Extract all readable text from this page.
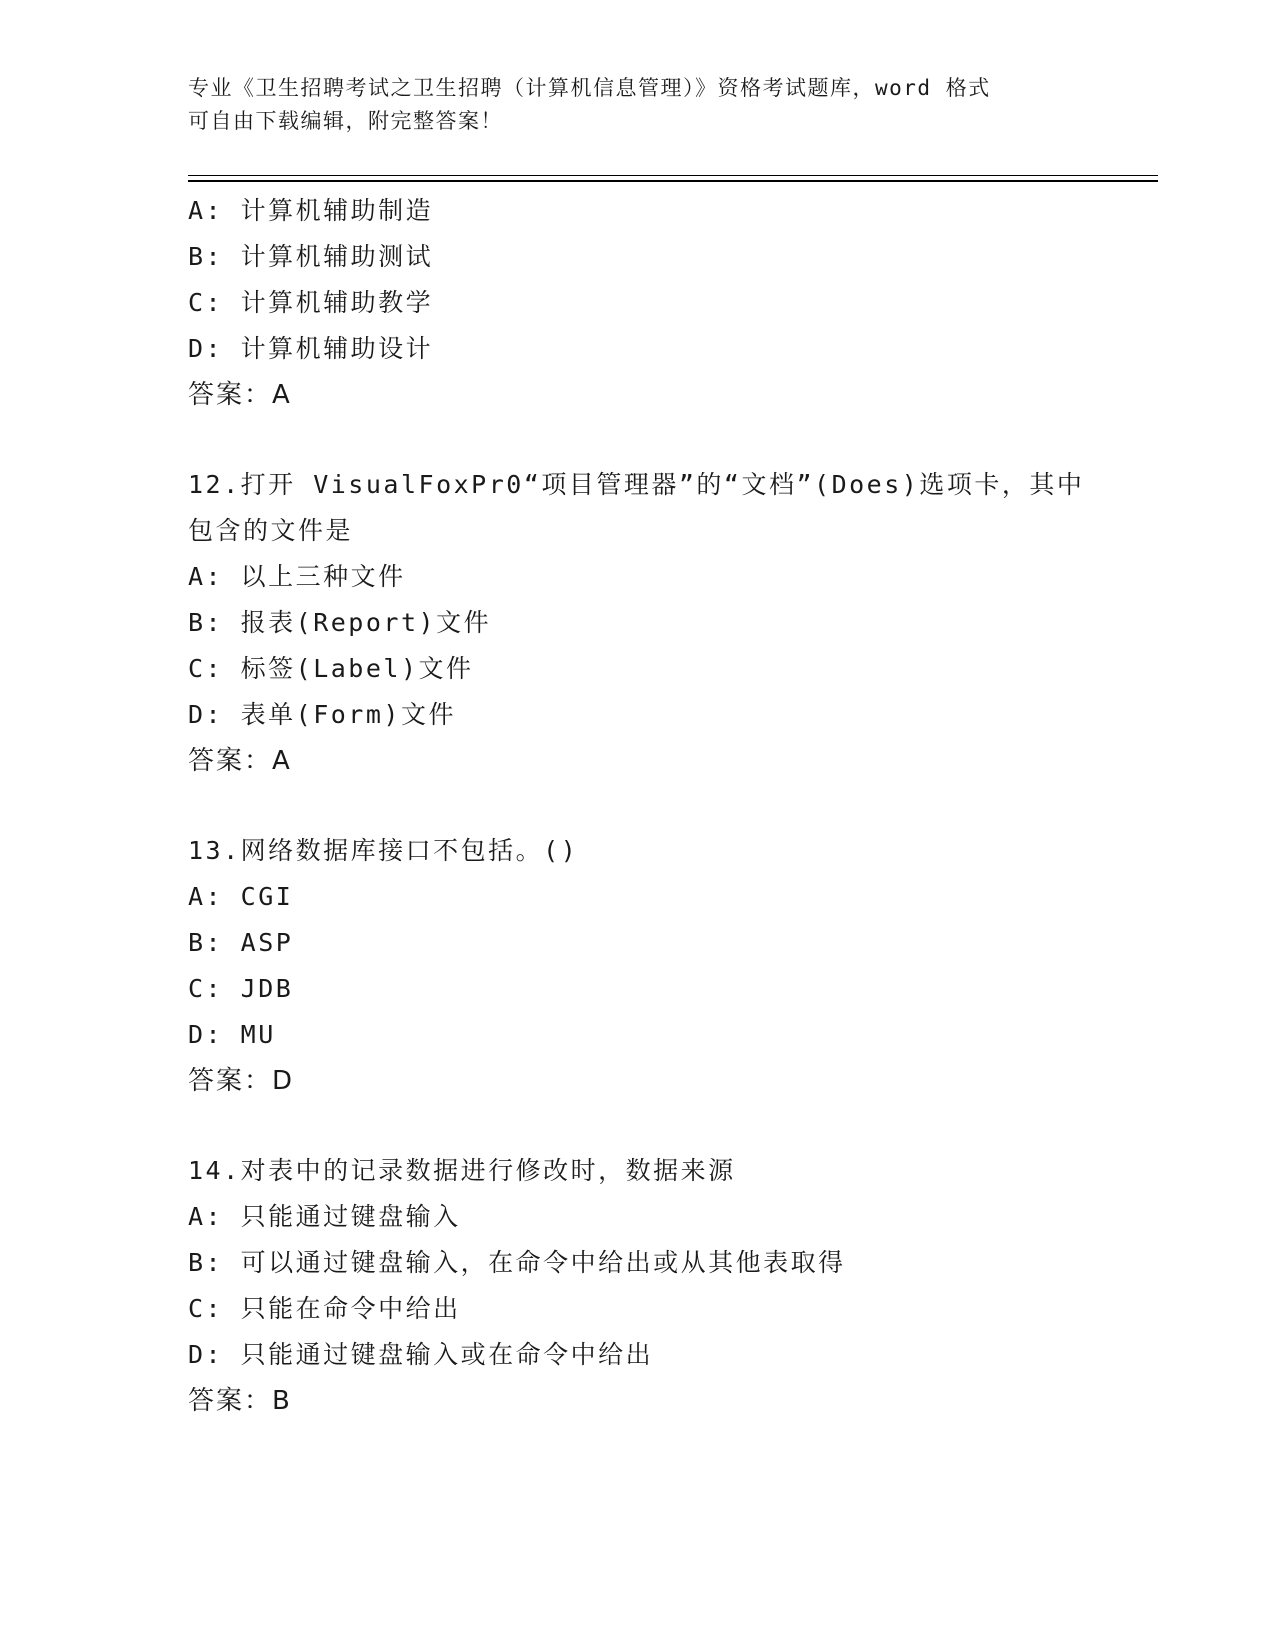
专业《卫生招聘考试之卫生招聘（计算机信息管理）》资格考试题库，word 格式
可自由下载编辑，附完整答案！
A: 计算机辅助制造
B: 计算机辅助测试
C: 计算机辅助教学
D: 计算机辅助设计
答案：A
12.打开 VisualFoxPr0“项目管理器”的“文档”(Does)选项卡，其中
包含的文件是
A: 以上三种文件
B: 报表(Report)文件
C: 标签(Label)文件
D: 表单(Form)文件
答案：A
13.网络数据库接口不包括。()
A: CGI
B: ASP
C: JDB
D: MU
答案：D
14.对表中的记录数据进行修改时，数据来源
A: 只能通过键盘输入
B: 可以通过键盘输入，在命令中给出或从其他表取得
C: 只能在命令中给出
D: 只能通过键盘输入或在命令中给出
答案：B
